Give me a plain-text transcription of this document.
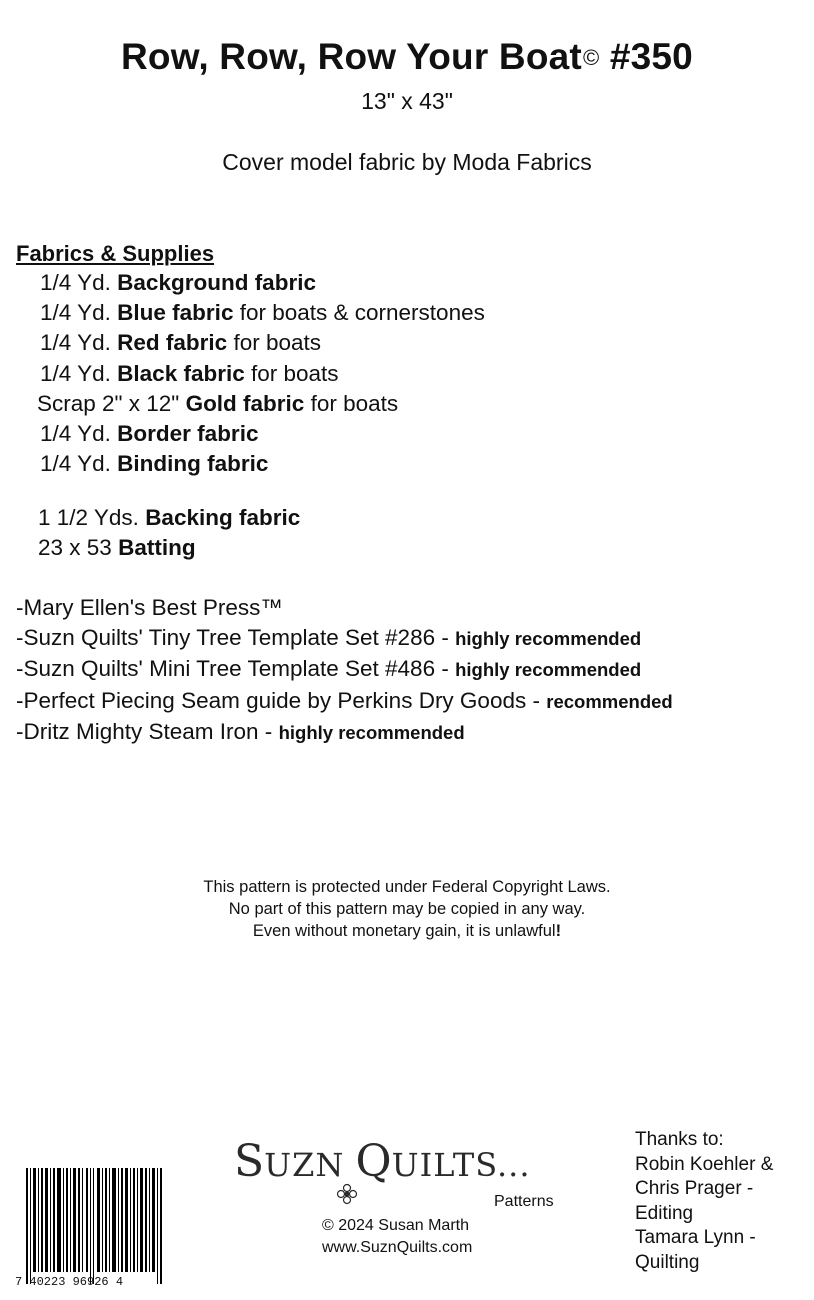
Row, Row, Row Your Boat© #350
13" x 43"
Cover model fabric by Moda Fabrics
Fabrics & Supplies
1/4 Yd. Background fabric
1/4 Yd. Blue fabric for boats & cornerstones
1/4 Yd. Red fabric for boats
1/4 Yd. Black fabric for boats
Scrap 2" x 12" Gold fabric for boats
1/4 Yd. Border fabric
1/4 Yd. Binding fabric
1 1/2 Yds. Backing fabric
23 x 53 Batting
-Mary Ellen's Best Press™
-Suzn Quilts' Tiny Tree Template Set #286 - highly recommended
-Suzn Quilts' Mini Tree Template Set #486 - highly recommended
-Perfect Piecing Seam guide by Perkins Dry Goods - recommended
-Dritz Mighty Steam Iron - highly recommended
This pattern is protected under Federal Copyright Laws.
No part of this pattern may be copied in any way.
Even without monetary gain, it is unlawful!
7 40223 96926 4
SUZN QUILTS...
Patterns
© 2024 Susan Marth
www.SuznQuilts.com
Thanks to:
Robin Koehler &
Chris Prager -
Editing
Tamara Lynn -
Quilting
